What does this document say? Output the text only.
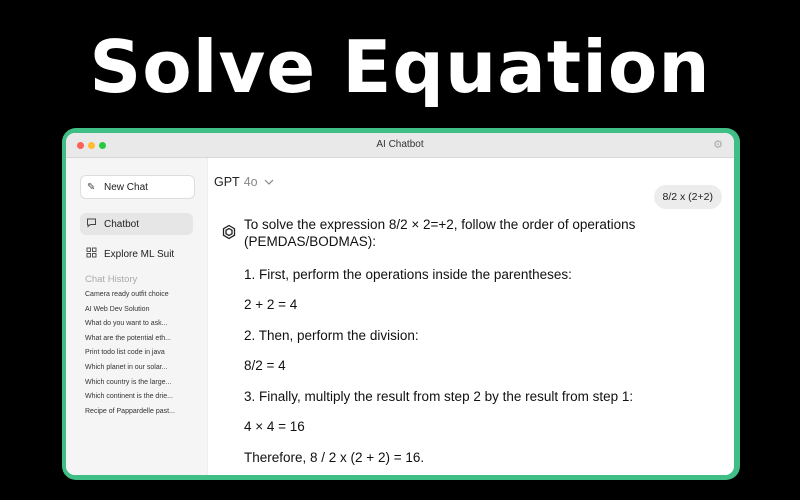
Solve Equation
AI Chatbot	⚙
✎ New Chat
Chatbot
Explore ML Suit
Chat History
Camera ready outfit choice
AI Web Dev Solution
What do you want to ask...
What are the potential eth...
Print todo list code in java
Which planet in our solar...
Which country is the large...
Which continent is the drie...
Recipe of Pappardelle past...
GPT 4o
8/2 x (2+2)
To solve the expression 8/2 × 2=+2, follow the order of operations
(PEMDAS/BODMAS):
1. First, perform the operations inside the parentheses:
2 + 2 = 4
2. Then, perform the division:
8/2 = 4
3. Finally, multiply the result from step 2 by the result from step 1:
4 × 4 = 16
Therefore, 8 / 2 x (2 + 2) = 16.
